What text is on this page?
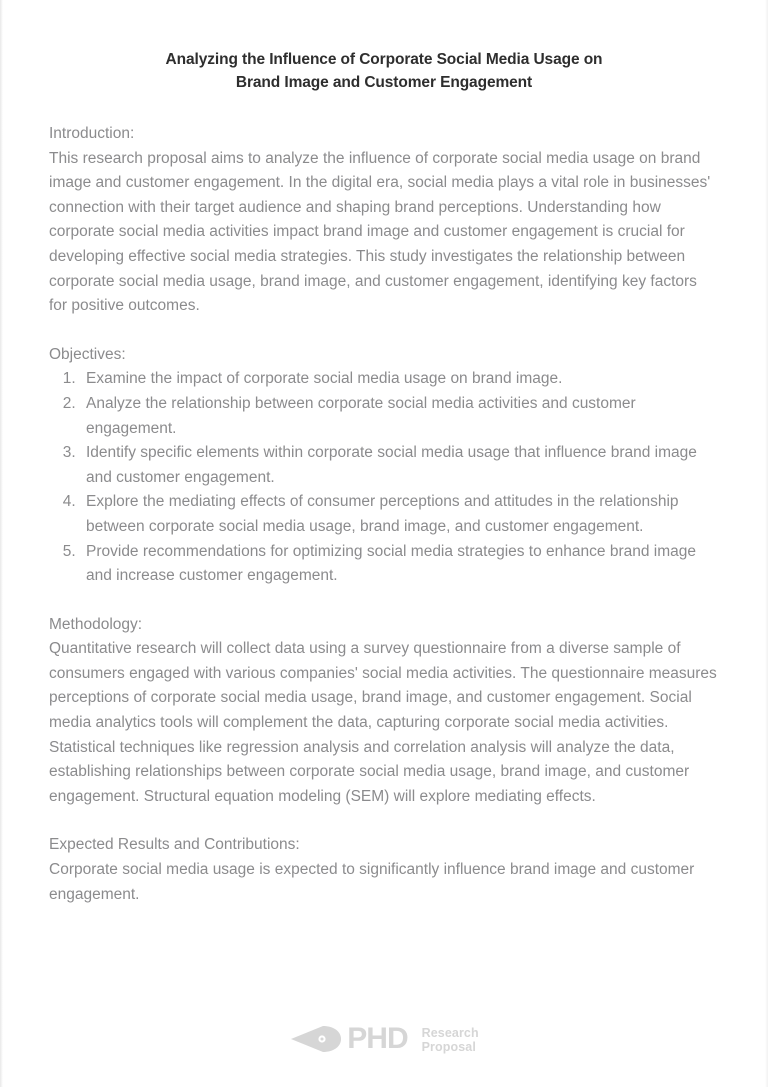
Analyzing the Influence of Corporate Social Media Usage on
Brand Image and Customer Engagement
Introduction:

This research proposal aims to analyze the influence of corporate social media usage on brand image and customer engagement. In the digital era, social media plays a vital role in businesses' connection with their target audience and shaping brand perceptions. Understanding how corporate social media activities impact brand image and customer engagement is crucial for developing effective social media strategies. This study investigates the relationship between corporate social media usage, brand image, and customer engagement, identifying key factors for positive outcomes.

Objectives:
1. Examine the impact of corporate social media usage on brand image.
2. Analyze the relationship between corporate social media activities and customer engagement.
3. Identify specific elements within corporate social media usage that influence brand image and customer engagement.
4. Explore the mediating effects of consumer perceptions and attitudes in the relationship between corporate social media usage, brand image, and customer engagement.
5. Provide recommendations for optimizing social media strategies to enhance brand image and increase customer engagement.
Methodology:

Quantitative research will collect data using a survey questionnaire from a diverse sample of consumers engaged with various companies' social media activities. The questionnaire measures perceptions of corporate social media usage, brand image, and customer engagement. Social media analytics tools will complement the data, capturing corporate social media activities. Statistical techniques like regression analysis and correlation analysis will analyze the data, establishing relationships between corporate social media usage, brand image, and customer engagement. Structural equation modeling (SEM) will explore mediating effects.

Expected Results and Contributions:

Corporate social media usage is expected to significantly influence brand image and customer engagement.

PHD Research
Proposal
